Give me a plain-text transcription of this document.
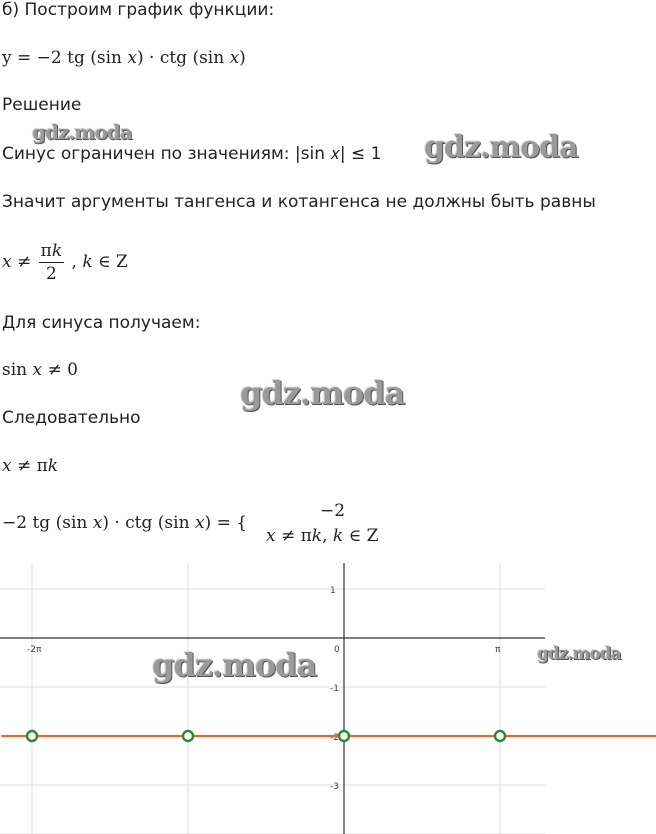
б) Построим график функции:
y = −2 tg (sin 𝑥) · ctg (sin 𝑥)
Решение
Синус ограничен по значениям: |sin 𝑥| ≤ 1
Значит аргументы тангенса и котангенса не должны быть равны
𝑥 ≠ $\frac{\text{π𝑘}}{2}$ , 𝑘 ∈ Z
Для синуса получаем:
sin 𝑥 ≠ 0
Следовательно
𝑥 ≠ π𝑘
−2 tg (sin 𝑥) · ctg (sin 𝑥) = {
−2
𝑥 ≠ π𝑘, 𝑘 ∈ Z
-2π	0	π
1
-1
-2
-3
gdz.moda	gdz.moda
gdz.moda
gdz.moda	gdz.moda
